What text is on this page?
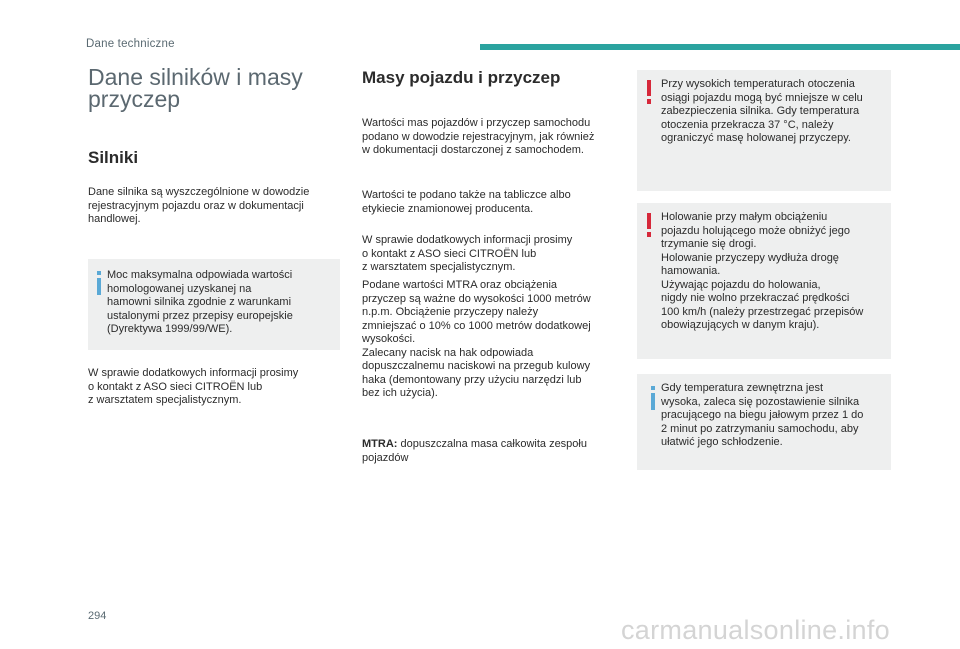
Dane techniczne
Dane silników i masy przyczep
Silniki
Dane silnika są wyszczególnione w dowodzie
rejestracyjnym pojazdu oraz w dokumentacji
handlowej.
Moc maksymalna odpowiada wartości
homologowanej uzyskanej na
hamowni silnika zgodnie z warunkami
ustalonymi przez przepisy europejskie
(Dyrektywa 1999/99/WE).
W sprawie dodatkowych informacji prosimy
o kontakt z ASO sieci CITROËN lub
z warsztatem specjalistycznym.
Masy pojazdu i przyczep
Wartości mas pojazdów i przyczep samochodu
podano w dowodzie rejestracyjnym, jak również
w dokumentacji dostarczonej z samochodem.
Wartości te podano także na tabliczce albo
etykiecie znamionowej producenta.
W sprawie dodatkowych informacji prosimy
o kontakt z ASO sieci CITROËN lub
z warsztatem specjalistycznym.
Podane wartości MTRA oraz obciążenia
przyczep są ważne do wysokości 1000 metrów
n.p.m. Obciążenie przyczepy należy
zmniejszać o 10% co 1000 metrów dodatkowej
wysokości.
Zalecany nacisk na hak odpowiada
dopuszczalnemu naciskowi na przegub kulowy
haka (demontowany przy użyciu narzędzi lub
bez ich użycia).
MTRA: dopuszczalna masa całkowita zespołu
pojazdów
Przy wysokich temperaturach otoczenia
osiągi pojazdu mogą być mniejsze w celu
zabezpieczenia silnika. Gdy temperatura
otoczenia przekracza 37 °C, należy
ograniczyć masę holowanej przyczepy.
Holowanie przy małym obciążeniu
pojazdu holującego może obniżyć jego
trzymanie się drogi.
Holowanie przyczepy wydłuża drogę
hamowania.
Używając pojazdu do holowania,
nigdy nie wolno przekraczać prędkości
100 km/h (należy przestrzegać przepisów
obowiązujących w danym kraju).
Gdy temperatura zewnętrzna jest
wysoka, zaleca się pozostawienie silnika
pracującego na biegu jałowym przez 1 do
2 minut po zatrzymaniu samochodu, aby
ułatwić jego schłodzenie.
294	carmanualsonline.info
